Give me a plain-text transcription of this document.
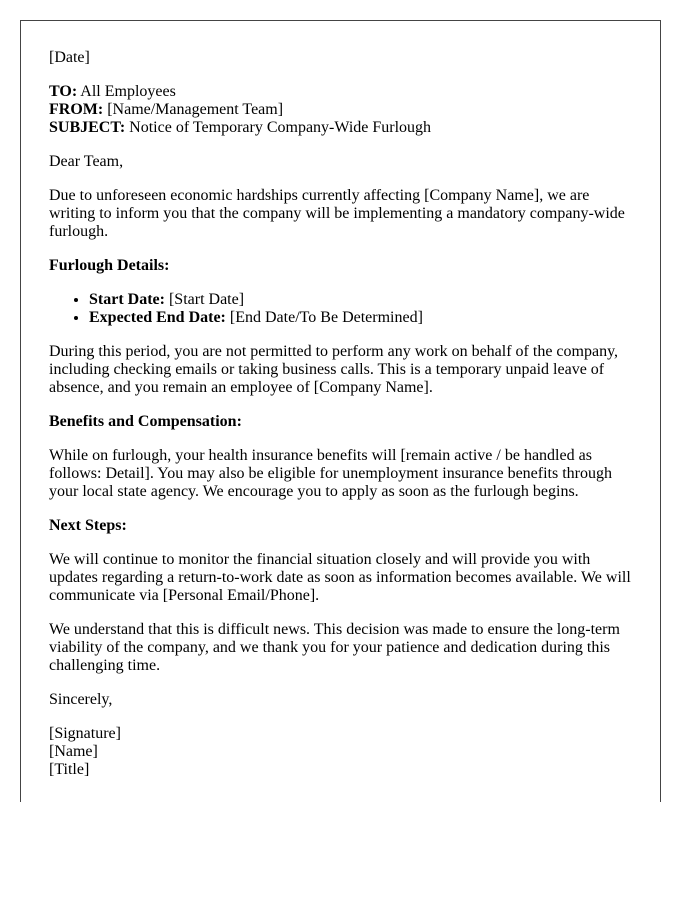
[Date]

TO: All Employees
FROM: [Name/Management Team]
SUBJECT: Notice of Temporary Company-Wide Furlough

Dear Team,

Due to unforeseen economic hardships currently affecting [Company Name], we are writing to inform you that the company will be implementing a mandatory company-wide furlough.

Furlough Details:
• Start Date: [Start Date]
• Expected End Date: [End Date/To Be Determined]

During this period, you are not permitted to perform any work on behalf of the company, including checking emails or taking business calls. This is a temporary unpaid leave of absence, and you remain an employee of [Company Name].

Benefits and Compensation:

While on furlough, your health insurance benefits will [remain active / be handled as follows: Detail]. You may also be eligible for unemployment insurance benefits through your local state agency. We encourage you to apply as soon as the furlough begins.

Next Steps:

We will continue to monitor the financial situation closely and will provide you with updates regarding a return-to-work date as soon as information becomes available. We will communicate via [Personal Email/Phone].

We understand that this is difficult news. This decision was made to ensure the long-term viability of the company, and we thank you for your patience and dedication during this challenging time.

Sincerely,

[Signature]
[Name]
[Title]
